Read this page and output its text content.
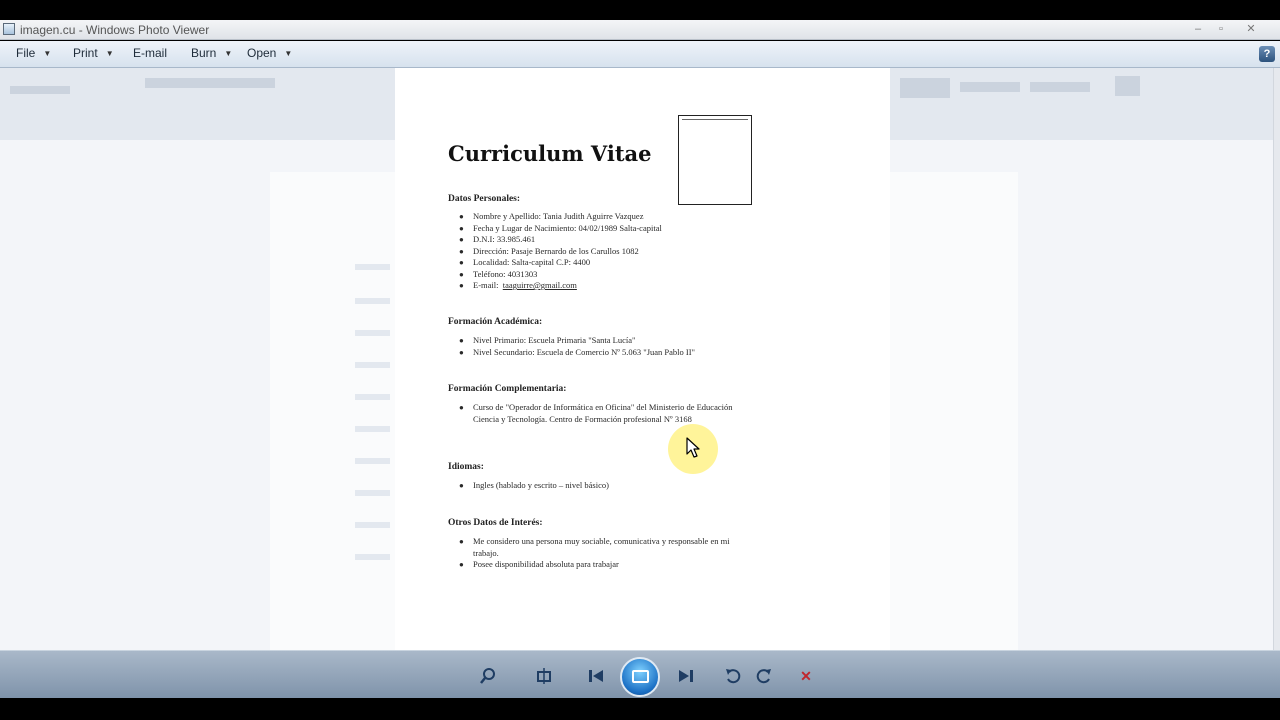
imagen.cu - Windows Photo Viewer	–	▫	✕
File ▼ Print ▼ E-mail Burn ▼ Open ▼	?
Curriculum Vitae
Datos Personales:
● Nombre y Apellido: Tania Judith Aguirre Vazquez
● Fecha y Lugar de Nacimiento: 04/02/1989 Salta-capital
● D.N.I: 33.985.461
● Dirección: Pasaje Bernardo de los Carullos 1082
● Localidad: Salta-capital C.P: 4400
● Teléfono: 4031303
● E-mail: taaguirre@gmail.com
Formación Académica:
● Nivel Primario: Escuela Primaria "Santa Lucía"
● Nivel Secundario: Escuela de Comercio Nº 5.063 "Juan Pablo II"
Formación Complementaria:
● Curso de "Operador de Informática en Oficina" del Ministerio de Educación Ciencia y Tecnología. Centro de Formación profesional Nº 3168
Idiomas:
● Ingles (hablado y escrito – nivel básico)
Otros Datos de Interés:
● Me considero una persona muy sociable, comunicativa y responsable en mi trabajo.
● Posee disponibilidad absoluta para trabajar
✕
